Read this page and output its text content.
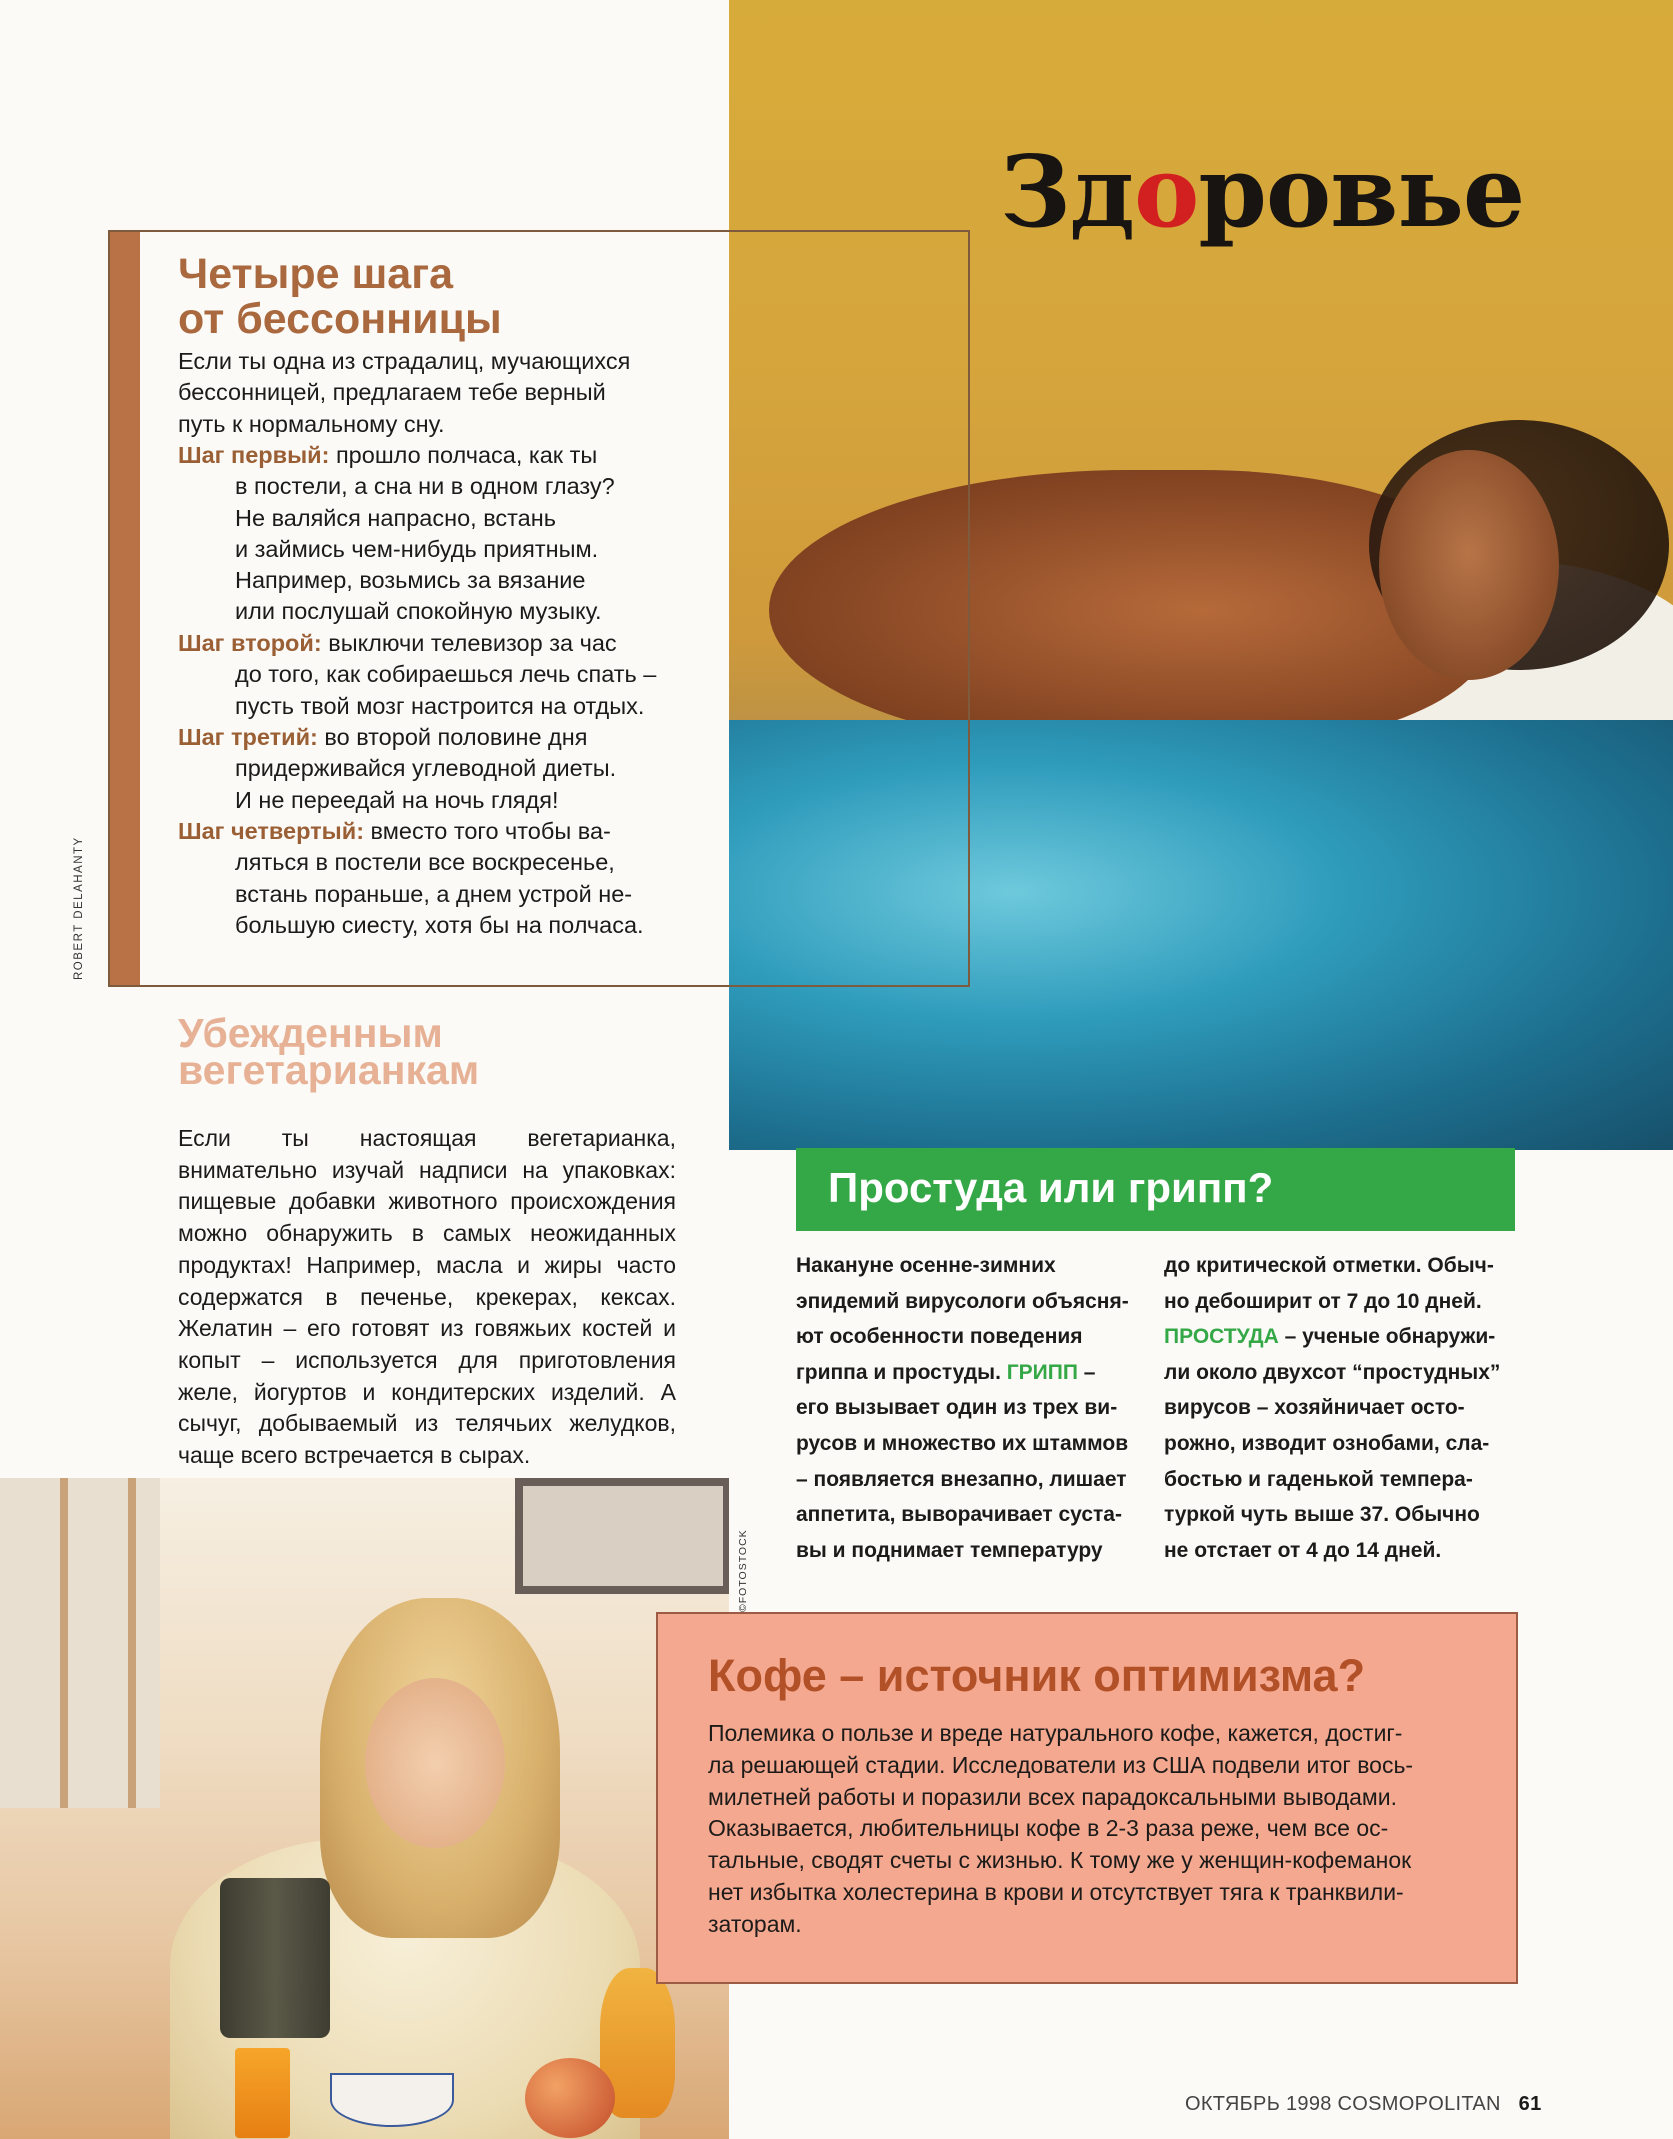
Здоровье
Четыре шага
от бессонницы

Если ты одна из страдалиц, мучающихся
бессонницей, предлагаем тебе верный
путь к нормальному сну.

Шаг первый: прошло полчаса, как ты
в постели, а сна ни в одном глазу?
Не валяйся напрасно, встань
и займись чем-нибудь приятным.
Например, возьмись за вязание
или послушай спокойную музыку.

Шаг второй: выключи телевизор за час
до того, как собираешься лечь спать –
пусть твой мозг настроится на отдых.

Шаг третий: во второй половине дня
придерживайся углеводной диеты.
И не переедай на ночь глядя!

Шаг четвертый: вместо того чтобы ва-
ляться в постели все воскресенье,
встань пораньше, а днем устрой не-
большую сиесту, хотя бы на полчаса.

ROBERT DELAHANTY
Убежденным
вегетарианкам

Если ты настоящая вегетарианка, внимательно изучай надписи на упаковках: пищевые добавки животного происхождения можно обнаружить в самых неожиданных продуктах! Например, масла и жиры часто содержатся в печенье, крекерах, кексах. Желатин – его готовят из говяжьих костей и копыт – используется для приготовления желе, йогуртов и кондитерских изделий. А сычуг, добываемый из телячьих желудков, чаще всего встречается в сырах.

Простуда или грипп?
Накануне осенне-зимних
эпидемий вирусологи объясня-
ют особенности поведения
гриппа и простуды. ГРИПП –
его вызывает один из трех ви-
русов и множество их штаммов
– появляется внезапно, лишает
аппетита, выворачивает суста-
вы и поднимает температуру
до критической отметки. Обыч-
но дебоширит от 7 до 10 дней.
ПРОСТУДА – ученые обнаружи-
ли около двухсот “простудных”
вирусов – хозяйничает осто-
рожно, изводит ознобами, сла-
бостью и гаденькой темпера-
туркой чуть выше 37. Обычно
не отстает от 4 до 14 дней.
©FOTOSTOCK
Кофе – источник оптимизма?
Полемика о пользе и вреде натурального кофе, кажется, достиг-
ла решающей стадии. Исследователи из США подвели итог вось-
милетней работы и поразили всех парадоксальными выводами.
Оказывается, любительницы кофе в 2-3 раза реже, чем все ос-
тальные, сводят счеты с жизнью. К тому же у женщин-кофеманок
нет избытка холестерина в крови и отсутствует тяга к транквили-
заторам.
ОКТЯБРЬ 1998 COSMOPOLITAN 61
